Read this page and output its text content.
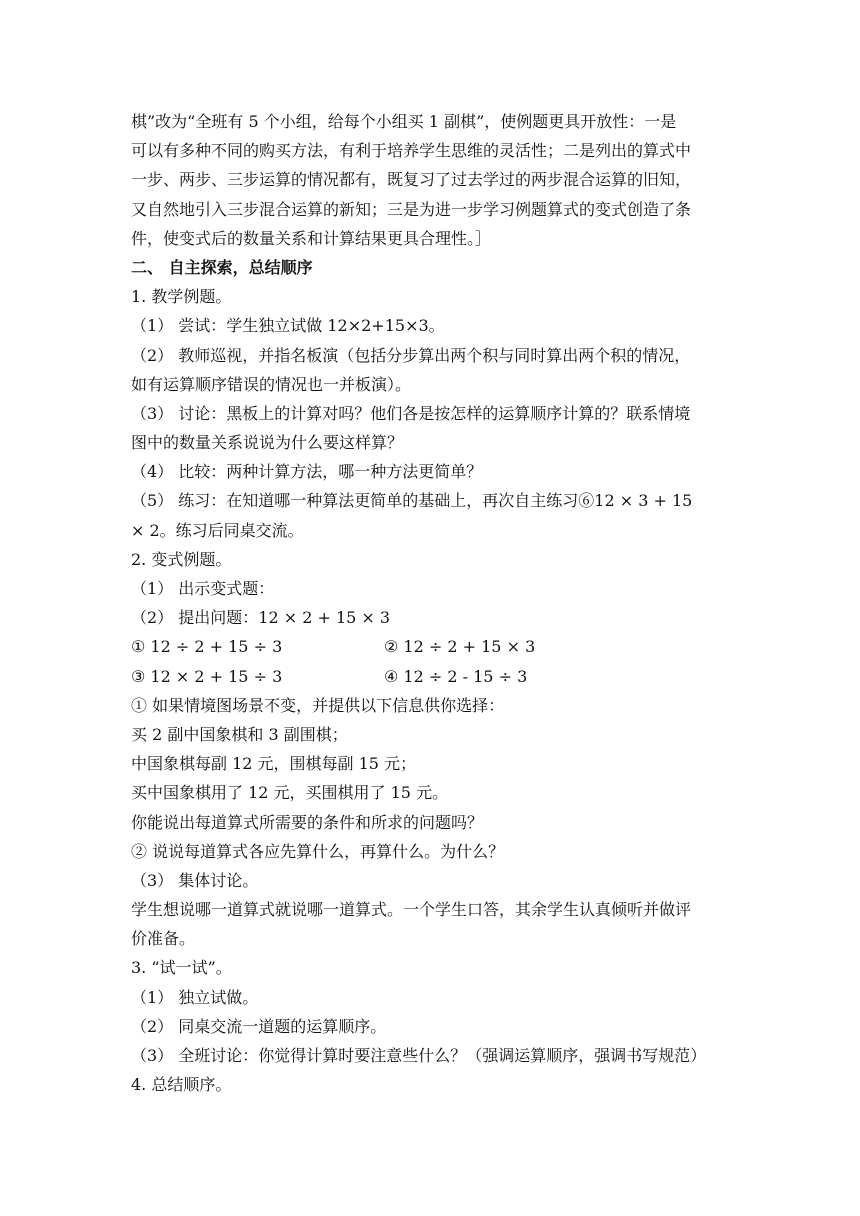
棋”改为“全班有 5 个小组，给每个小组买 1 副棋”，使例题更具开放性：一是
可以有多种不同的购买方法，有利于培养学生思维的灵活性；二是列出的算式中
一步、两步、三步运算的情况都有，既复习了过去学过的两步混合运算的旧知，
又自然地引入三步混合运算的新知；三是为进一步学习例题算式的变式创造了条
件，使变式后的数量关系和计算结果更具合理性。］
二、 自主探索，总结顺序
1. 教学例题。
（1） 尝试：学生独立试做 12×2+15×3。
（2） 教师巡视，并指名板演（包括分步算出两个积与同时算出两个积的情况，
如有运算顺序错误的情况也一并板演）。
（3） 讨论：黑板上的计算对吗？他们各是按怎样的运算顺序计算的？联系情境
图中的数量关系说说为什么要这样算？
（4） 比较：两种计算方法，哪一种方法更简单？
（5） 练习：在知道哪一种算法更简单的基础上，再次自主练习⑥12 × 3 + 15
× 2。练习后同桌交流。
2. 变式例题。
（1） 出示变式题：
（2） 提出问题：12 × 2 + 15 × 3
① 12 ÷ 2 + 15 ÷ 3	② 12 ÷ 2 + 15 × 3
③ 12 × 2 + 15 ÷ 3	④ 12 ÷ 2 - 15 ÷ 3
① 如果情境图场景不变，并提供以下信息供你选择：
买 2 副中国象棋和 3 副围棋；
中国象棋每副 12 元，围棋每副 15 元；
买中国象棋用了 12 元，买围棋用了 15 元。
你能说出每道算式所需要的条件和所求的问题吗？
② 说说每道算式各应先算什么，再算什么。为什么？
（3） 集体讨论。
学生想说哪一道算式就说哪一道算式。一个学生口答，其余学生认真倾听并做评
价准备。
3. “试一试”。
（1） 独立试做。
（2） 同桌交流一道题的运算顺序。
（3） 全班讨论：你觉得计算时要注意些什么？（强调运算顺序，强调书写规范）
4. 总结顺序。
